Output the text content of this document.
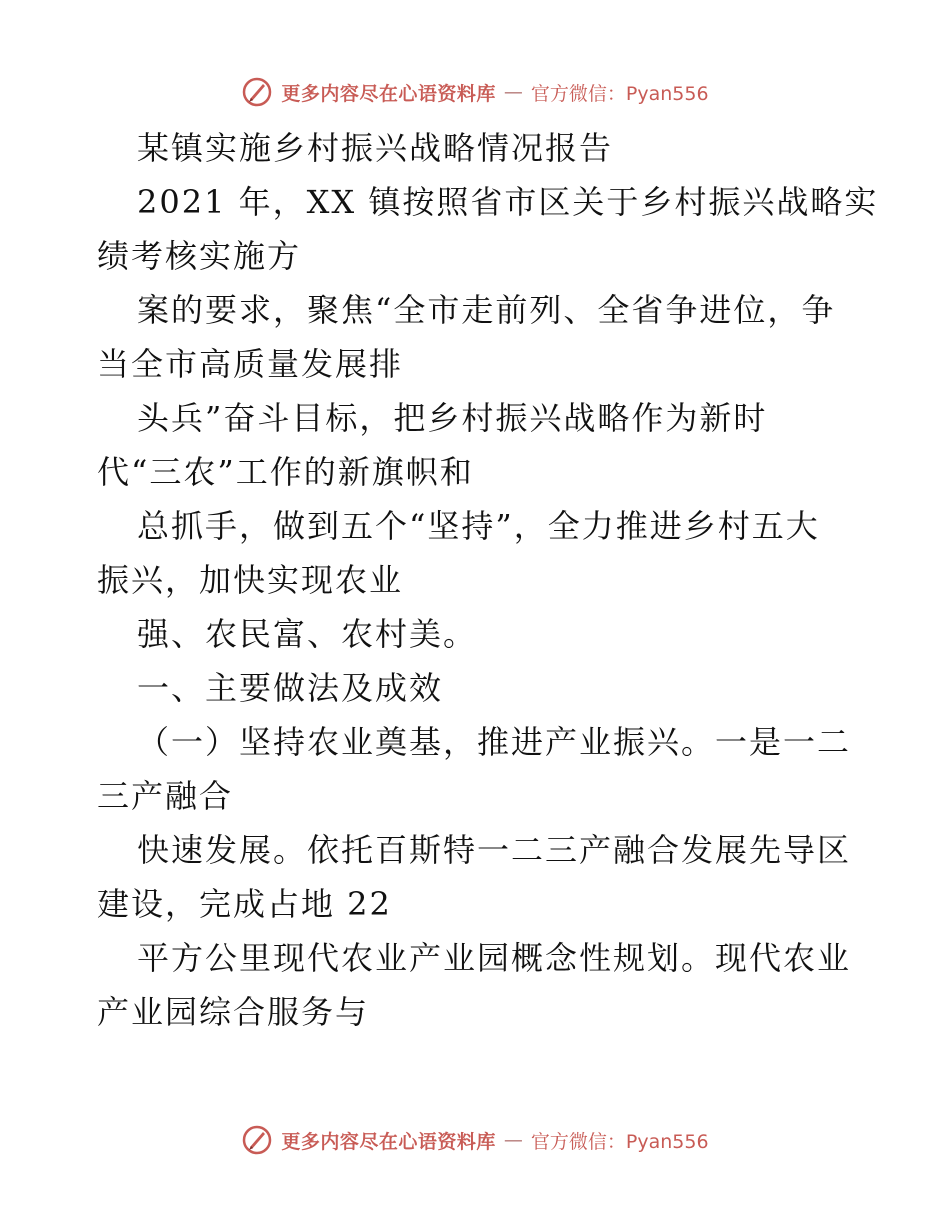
更多内容尽在心语资料库 — 官方微信：Pyan556
某镇实施乡村振兴战略情况报告
2021 年，XX 镇按照省市区关于乡村振兴战略实
绩考核实施方
案的要求，聚焦“全市走前列、全省争进位，争
当全市高质量发展排
头兵”奋斗目标，把乡村振兴战略作为新时
代“三农”工作的新旗帜和
总抓手，做到五个“坚持”，全力推进乡村五大
振兴，加快实现农业
强、农民富、农村美。
一、主要做法及成效
（一）坚持农业奠基，推进产业振兴。一是一二
三产融合
快速发展。依托百斯特一二三产融合发展先导区
建设，完成占地 22
平方公里现代农业产业园概念性规划。现代农业
产业园综合服务与
更多内容尽在心语资料库 — 官方微信：Pyan556
